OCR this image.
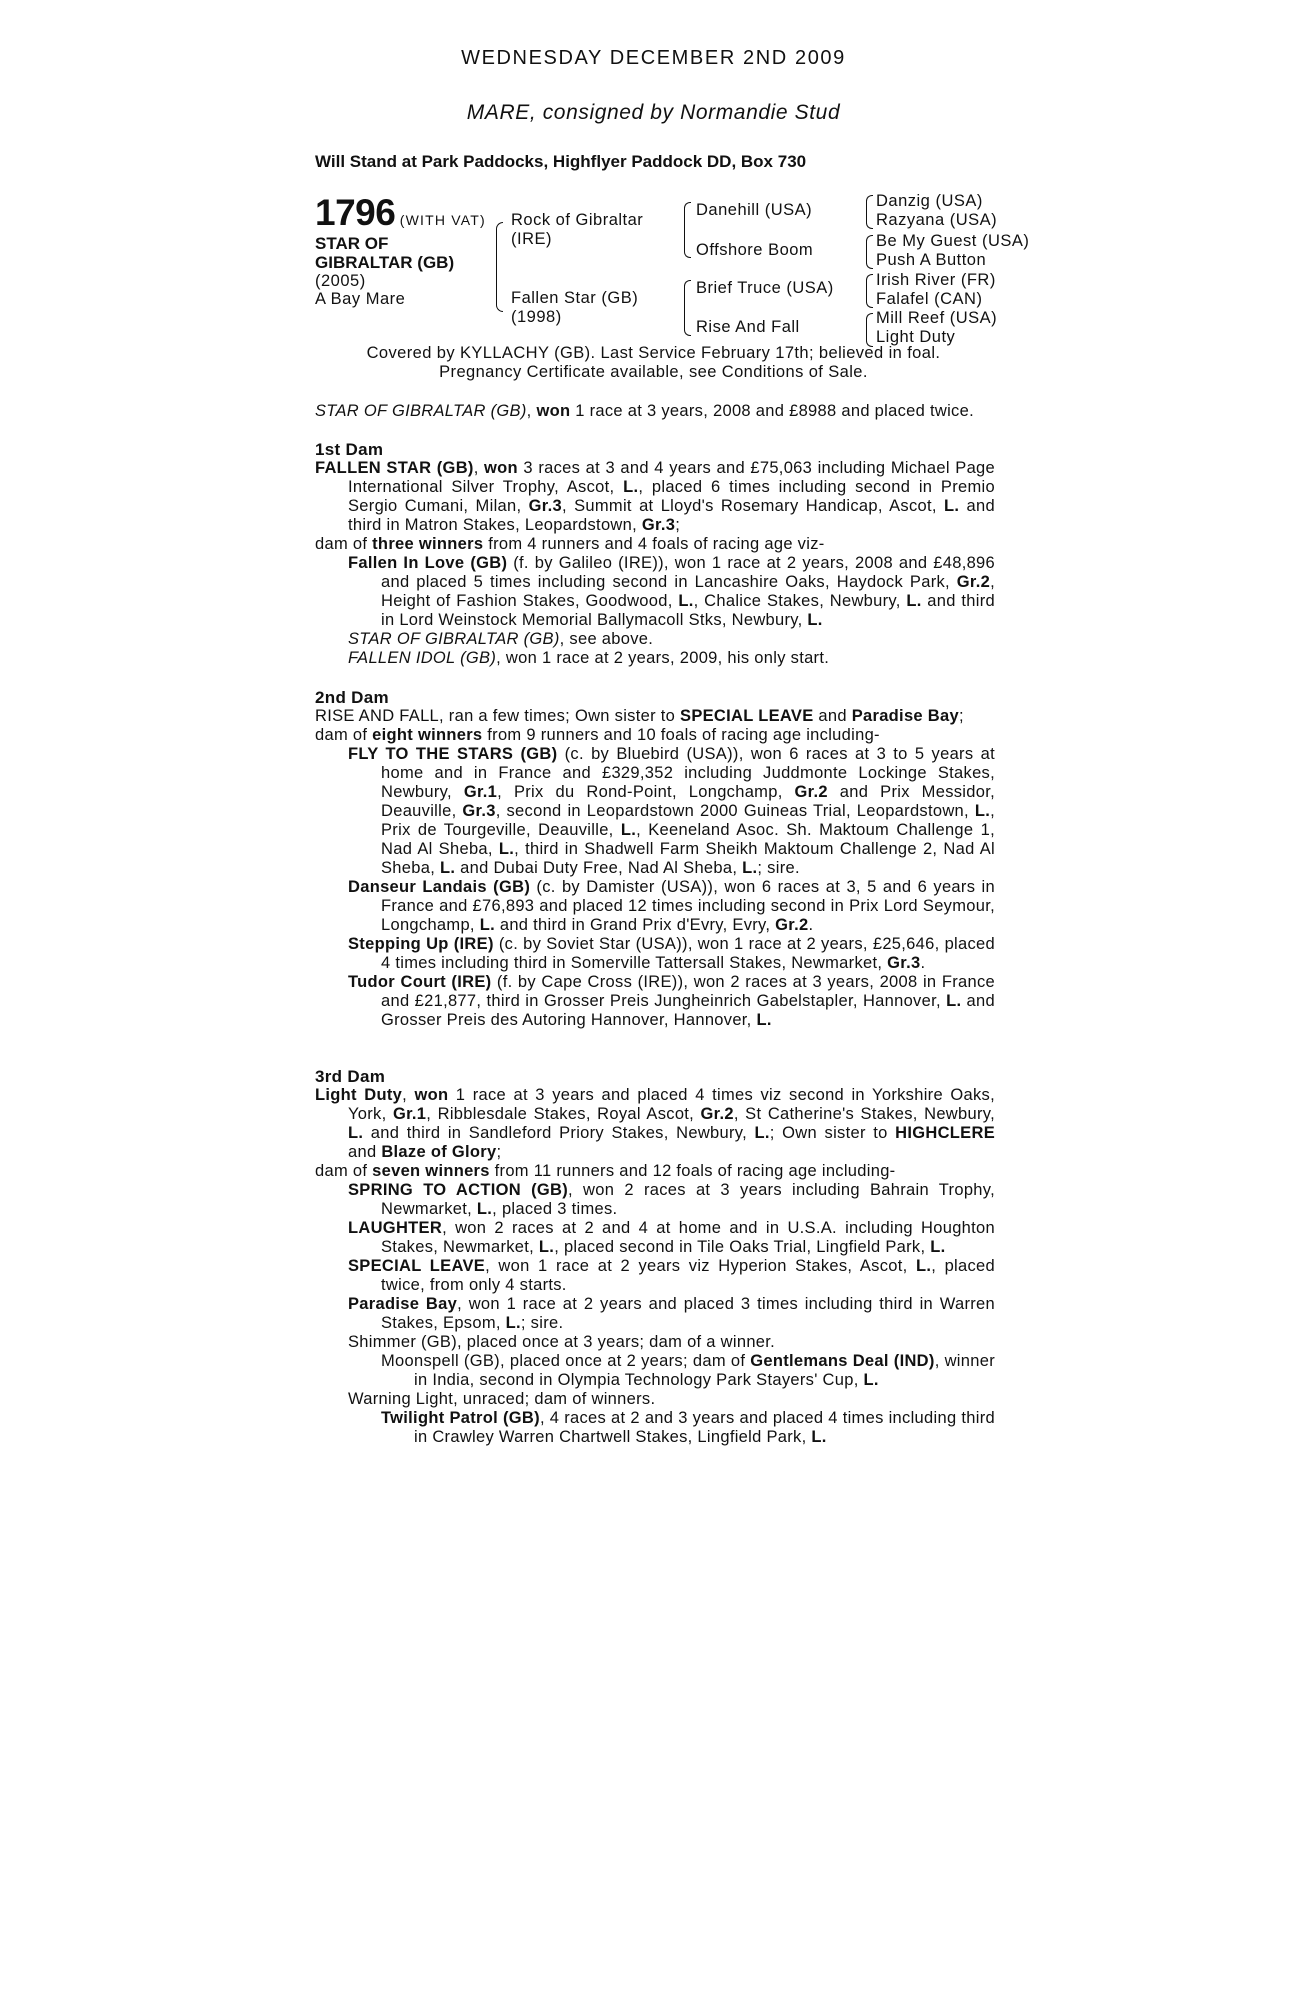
WEDNESDAY DECEMBER 2ND 2009
MARE, consigned by Normandie Stud
Will Stand at Park Paddocks, Highflyer Paddock DD, Box 730
1796 (WITH VAT)
STAR OF
GIBRALTAR (GB)
(2005)
A Bay Mare
Rock of Gibraltar
(IRE)
Fallen Star (GB)
(1998)
Danehill (USA)
Offshore Boom
Brief Truce (USA)
Rise And Fall
Danzig (USA)
Razyana (USA)
Be My Guest (USA)
Push A Button
Irish River (FR)
Falafel (CAN)
Mill Reef (USA)
Light Duty
Covered by KYLLACHY (GB). Last Service February 17th; believed in foal.
Pregnancy Certificate available, see Conditions of Sale.

STAR OF GIBRALTAR (GB), won 1 race at 3 years, 2008 and £8988 and placed twice.

1st Dam

FALLEN STAR (GB), won 3 races at 3 and 4 years and £75,063 including Michael Page International Silver Trophy, Ascot, L., placed 6 times including second in Premio Sergio Cumani, Milan, Gr.3, Summit at Lloyd's Rosemary Handicap, Ascot, L. and third in Matron Stakes, Leopardstown, Gr.3;

dam of three winners from 4 runners and 4 foals of racing age viz-

Fallen In Love (GB) (f. by Galileo (IRE)), won 1 race at 2 years, 2008 and £48,896 and placed 5 times including second in Lancashire Oaks, Haydock Park, Gr.2, Height of Fashion Stakes, Goodwood, L., Chalice Stakes, Newbury, L. and third in Lord Weinstock Memorial Ballymacoll Stks, Newbury, L.

STAR OF GIBRALTAR (GB), see above.

FALLEN IDOL (GB), won 1 race at 2 years, 2009, his only start.

2nd Dam

RISE AND FALL, ran a few times; Own sister to SPECIAL LEAVE and Paradise Bay;

dam of eight winners from 9 runners and 10 foals of racing age including-

FLY TO THE STARS (GB) (c. by Bluebird (USA)), won 6 races at 3 to 5 years at home and in France and £329,352 including Juddmonte Lockinge Stakes, Newbury, Gr.1, Prix du Rond-Point, Longchamp, Gr.2 and Prix Messidor, Deauville, Gr.3, second in Leopardstown 2000 Guineas Trial, Leopardstown, L., Prix de Tourgeville, Deauville, L., Keeneland Asoc. Sh. Maktoum Challenge 1, Nad Al Sheba, L., third in Shadwell Farm Sheikh Maktoum Challenge 2, Nad Al Sheba, L. and Dubai Duty Free, Nad Al Sheba, L.; sire.

Danseur Landais (GB) (c. by Damister (USA)), won 6 races at 3, 5 and 6 years in France and £76,893 and placed 12 times including second in Prix Lord Seymour, Longchamp, L. and third in Grand Prix d'Evry, Evry, Gr.2.

Stepping Up (IRE) (c. by Soviet Star (USA)), won 1 race at 2 years, £25,646, placed 4 times including third in Somerville Tattersall Stakes, Newmarket, Gr.3.

Tudor Court (IRE) (f. by Cape Cross (IRE)), won 2 races at 3 years, 2008 in France and £21,877, third in Grosser Preis Jungheinrich Gabelstapler, Hannover, L. and Grosser Preis des Autoring Hannover, Hannover, L.

3rd Dam

Light Duty, won 1 race at 3 years and placed 4 times viz second in Yorkshire Oaks, York, Gr.1, Ribblesdale Stakes, Royal Ascot, Gr.2, St Catherine's Stakes, Newbury, L. and third in Sandleford Priory Stakes, Newbury, L.; Own sister to HIGHCLERE and Blaze of Glory;

dam of seven winners from 11 runners and 12 foals of racing age including-

SPRING TO ACTION (GB), won 2 races at 3 years including Bahrain Trophy, Newmarket, L., placed 3 times.

LAUGHTER, won 2 races at 2 and 4 at home and in U.S.A. including Houghton Stakes, Newmarket, L., placed second in Tile Oaks Trial, Lingfield Park, L.

SPECIAL LEAVE, won 1 race at 2 years viz Hyperion Stakes, Ascot, L., placed twice, from only 4 starts.

Paradise Bay, won 1 race at 2 years and placed 3 times including third in Warren Stakes, Epsom, L.; sire.

Shimmer (GB), placed once at 3 years; dam of a winner.

Moonspell (GB), placed once at 2 years; dam of Gentlemans Deal (IND), winner in India, second in Olympia Technology Park Stayers' Cup, L.

Warning Light, unraced; dam of winners.

Twilight Patrol (GB), 4 races at 2 and 3 years and placed 4 times including third in Crawley Warren Chartwell Stakes, Lingfield Park, L.
